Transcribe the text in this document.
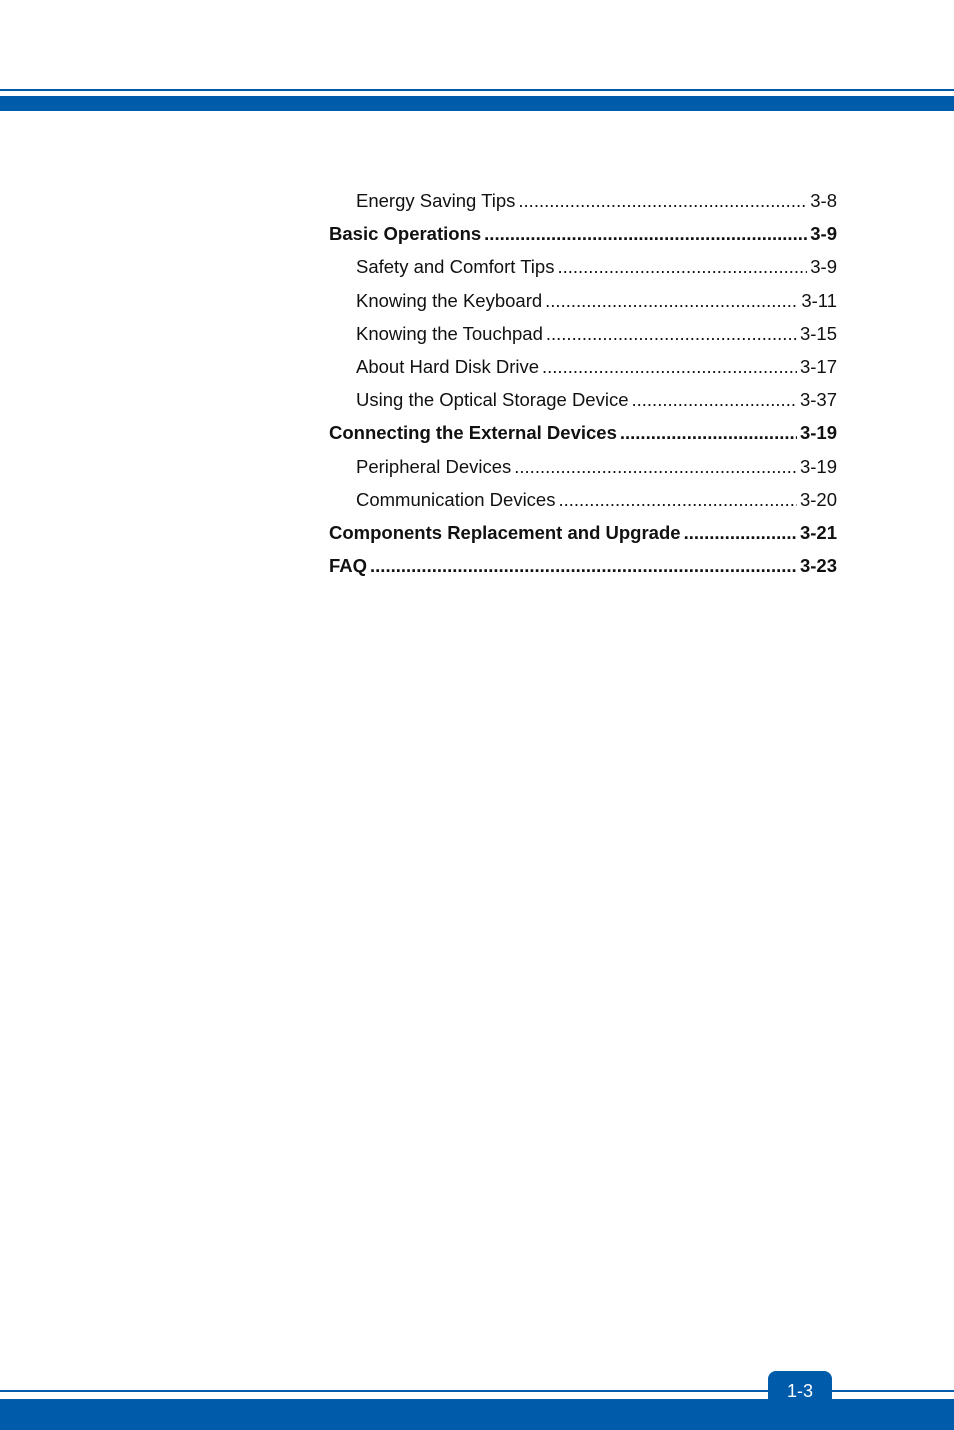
Energy Saving Tips .....	3-8
Basic Operations .....	3-9
Safety and Comfort Tips .....	3-9
Knowing the Keyboard .....	3-11
Knowing the Touchpad .....	3-15
About Hard Disk Drive .....	3-17
Using the Optical Storage Device .....	3-37
Connecting the External Devices .....	3-19
Peripheral Devices .....	3-19
Communication Devices .....	3-20
Components Replacement and Upgrade .....	3-21
FAQ .....	3-23
1-3
